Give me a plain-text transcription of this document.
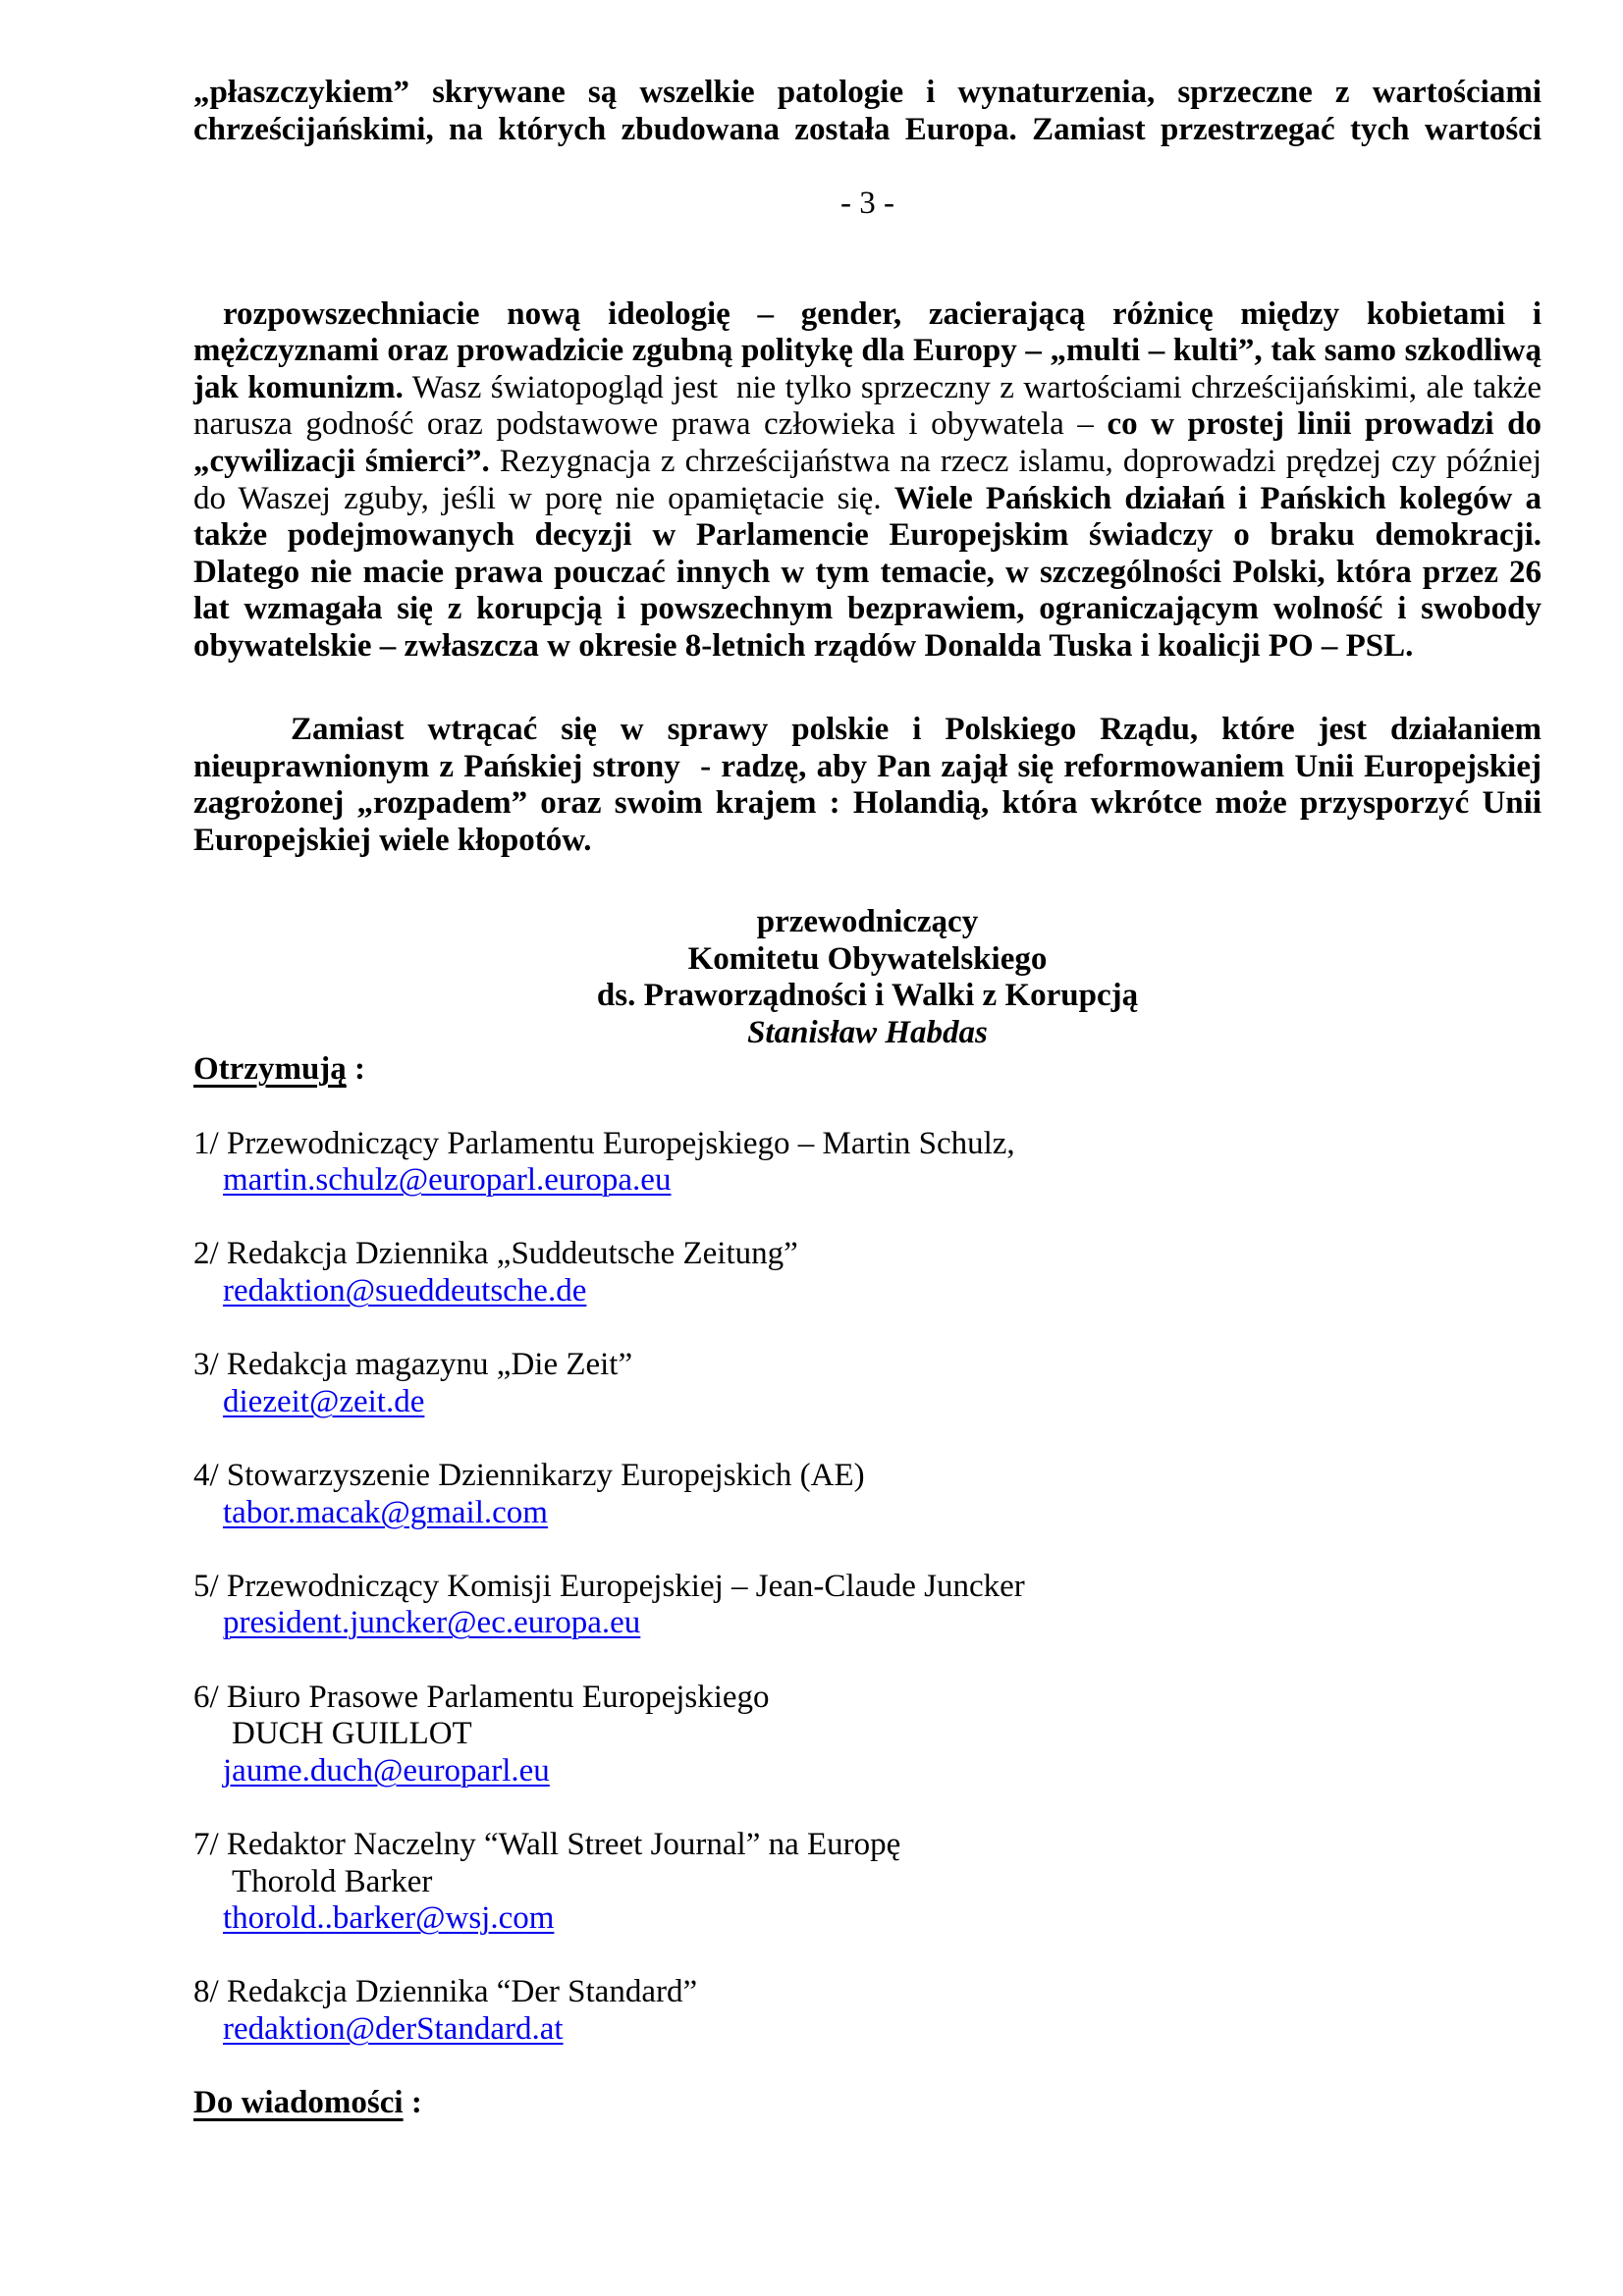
„płaszczykiem” skrywane są wszelkie patologie i wynaturzenia, sprzeczne z wartościami chrześcijańskimi, na których zbudowana została Europa. Zamiast przestrzegać tych wartości

- 3 -

rozpowszechniacie nową ideologię – gender, zacierającą różnicę między kobietami i mężczyznami oraz prowadzicie zgubną politykę dla Europy – „multi – kulti”, tak samo szkodliwą jak komunizm. Wasz światopogląd jest  nie tylko sprzeczny z wartościami chrześcijańskimi, ale także narusza godność oraz podstawowe prawa człowieka i obywatela – co w prostej linii prowadzi do „cywilizacji śmierci”. Rezygnacja z chrześcijaństwa na rzecz islamu, doprowadzi prędzej czy później do Waszej zguby, jeśli w porę nie opamiętacie się. Wiele Pańskich działań i Pańskich kolegów a także podejmowanych decyzji w Parlamencie Europejskim świadczy o braku demokracji. Dlatego nie macie prawa pouczać innych w tym temacie, w szczególności Polski, która przez 26 lat wzmagała się z korupcją i powszechnym bezprawiem, ograniczającym wolność i swobody obywatelskie – zwłaszcza w okresie 8-letnich rządów Donalda Tuska i koalicji PO – PSL.

Zamiast wtrącać się w sprawy polskie i Polskiego Rządu, które jest działaniem nieuprawnionym z Pańskiej strony  - radzę, aby Pan zajął się reformowaniem Unii Europejskiej zagrożonej „rozpadem” oraz swoim krajem : Holandią, która wkrótce może przysporzyć Unii Europejskiej wiele kłopotów.

przewodniczący
Komitetu Obywatelskiego
ds. Praworządności i Walki z Korupcją
Stanisław Habdas
Otrzymują :
1/ Przewodniczący Parlamentu Europejskiego – Martin Schulz,
martin.schulz@europarl.europa.eu
2/ Redakcja Dziennika „Suddeutsche Zeitung”
redaktion@sueddeutsche.de
3/ Redakcja magazynu „Die Zeit”
diezeit@zeit.de
4/ Stowarzyszenie Dziennikarzy Europejskich (AE)
tabor.macak@gmail.com
5/ Przewodniczący Komisji Europejskiej – Jean-Claude Juncker
president.juncker@ec.europa.eu
6/ Biuro Prasowe Parlamentu Europejskiego
DUCH GUILLOT
jaume.duch@europarl.eu
7/ Redaktor Naczelny “Wall Street Journal” na Europę
Thorold Barker
thorold..barker@wsj.com
8/ Redakcja Dziennika “Der Standard”
redaktion@derStandard.at
Do wiadomości :
